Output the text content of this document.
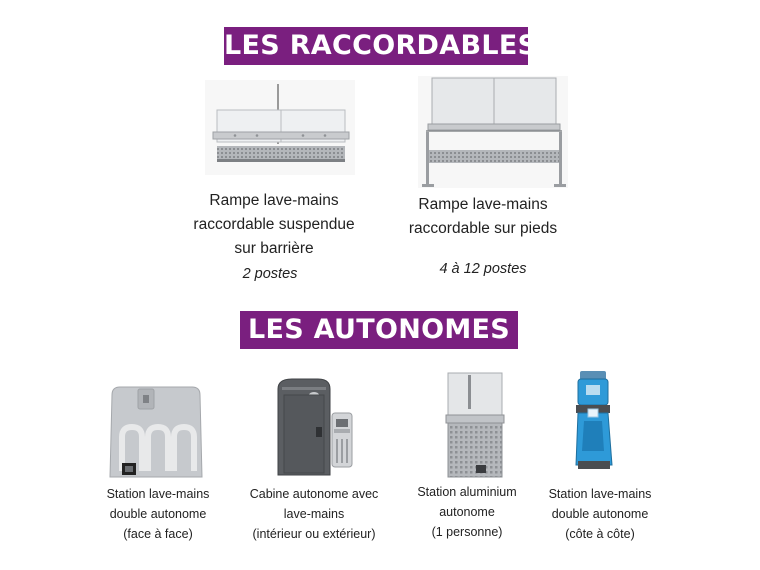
LES RACCORDABLES
Rampe lave-mains
raccordable suspendue
sur barrière
2 postes
Rampe lave-mains
raccordable sur pieds
4 à 12 postes
LES AUTONOMES
Station lave-mains
double autonome
(face à face)
Cabine autonome avec
lave-mains
(intérieur ou extérieur)
Station aluminium
autonome
(1 personne)
Station lave-mains
double autonome
(côte à côte)
